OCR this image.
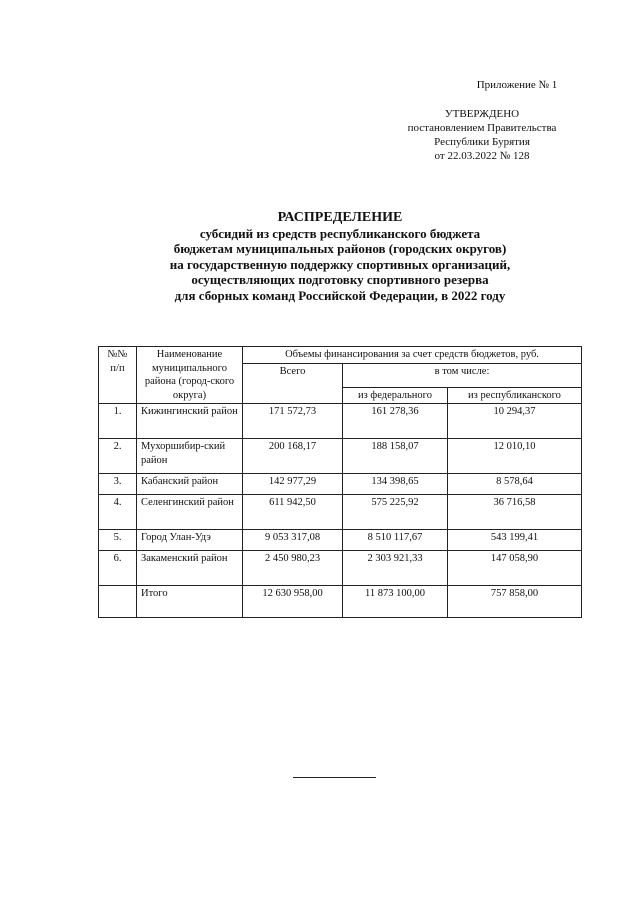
Приложение № 1
УТВЕРЖДЕНО
постановлением Правительства
Республики Бурятия
от 22.03.2022 № 128
РАСПРЕДЕЛЕНИЕ
субсидий из средств республиканского бюджета
бюджетам муниципальных районов (городских округов)
на государственную поддержку спортивных организаций,
осуществляющих подготовку спортивного резерва
для сборных команд Российской Федерации, в 2022 году
№№ п/п	Наименование муниципального района (город-ского округа)	Объемы финансирования за счет средств бюджетов, руб.		
		Всего	в том числе:	
			из федерального	из республиканского
1.	Кижингинский район	171 572,73	161 278,36	10 294,37
2.	Мухоршибир-ский район	200 168,17	188 158,07	12 010,10
3.	Кабанский район	142 977,29	134 398,65	8 578,64
4.	Селенгинский район	611 942,50	575 225,92	36 716,58
5.	Город Улан-Удэ	9 053 317,08	8 510 117,67	543 199,41
6.	Закаменский район	2 450 980,23	2 303 921,33	147 058,90
	Итого	12 630 958,00	11 873 100,00	757 858,00
